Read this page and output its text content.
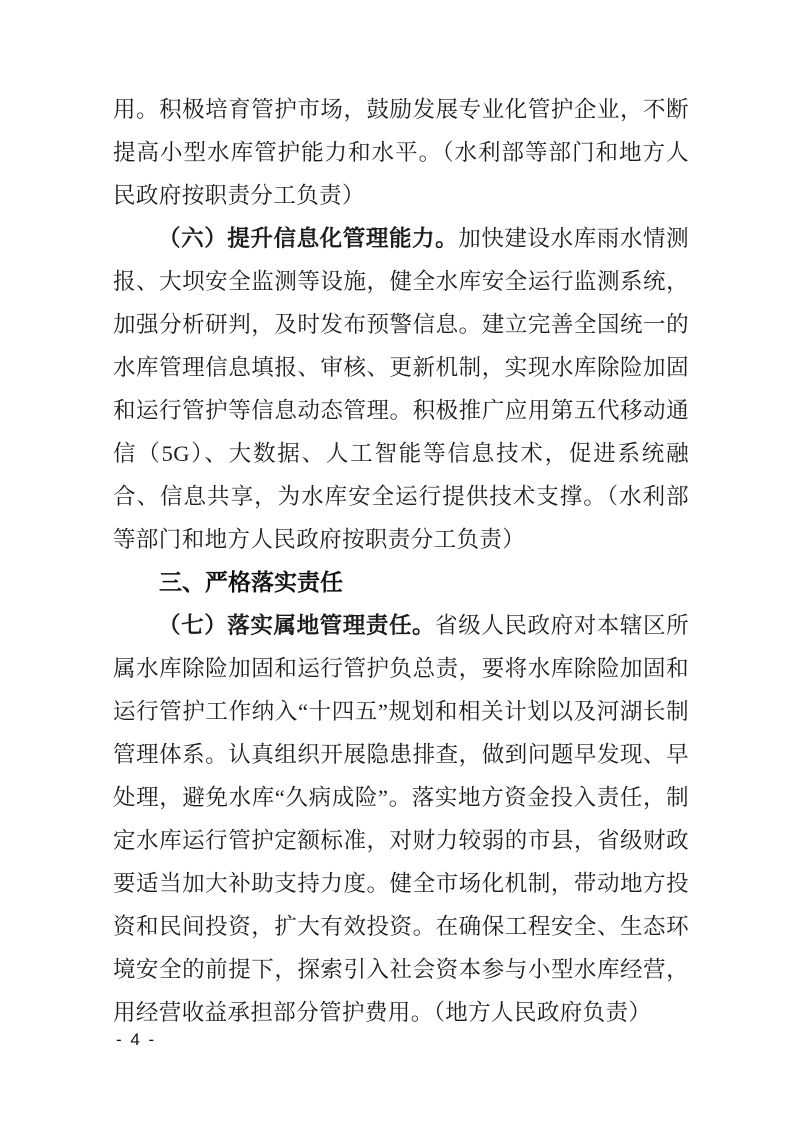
用。积极培育管护市场，鼓励发展专业化管护企业，不断提高小型水库管护能力和水平。（水利部等部门和地方人民政府按职责分工负责）

（六）提升信息化管理能力。加快建设水库雨水情测报、大坝安全监测等设施，健全水库安全运行监测系统，加强分析研判，及时发布预警信息。建立完善全国统一的水库管理信息填报、审核、更新机制，实现水库除险加固和运行管护等信息动态管理。积极推广应用第五代移动通信（5G）、大数据、人工智能等信息技术，促进系统融合、信息共享，为水库安全运行提供技术支撑。（水利部等部门和地方人民政府按职责分工负责）

三、严格落实责任

（七）落实属地管理责任。省级人民政府对本辖区所属水库除险加固和运行管护负总责，要将水库除险加固和运行管护工作纳入“十四五”规划和相关计划以及河湖长制管理体系。认真组织开展隐患排查，做到问题早发现、早处理，避免水库“久病成险”。落实地方资金投入责任，制定水库运行管护定额标准，对财力较弱的市县，省级财政要适当加大补助支持力度。健全市场化机制，带动地方投资和民间投资，扩大有效投资。在确保工程安全、生态环境安全的前提下，探索引入社会资本参与小型水库经营，用经营收益承担部分管护费用。（地方人民政府负责）

- 4 -
